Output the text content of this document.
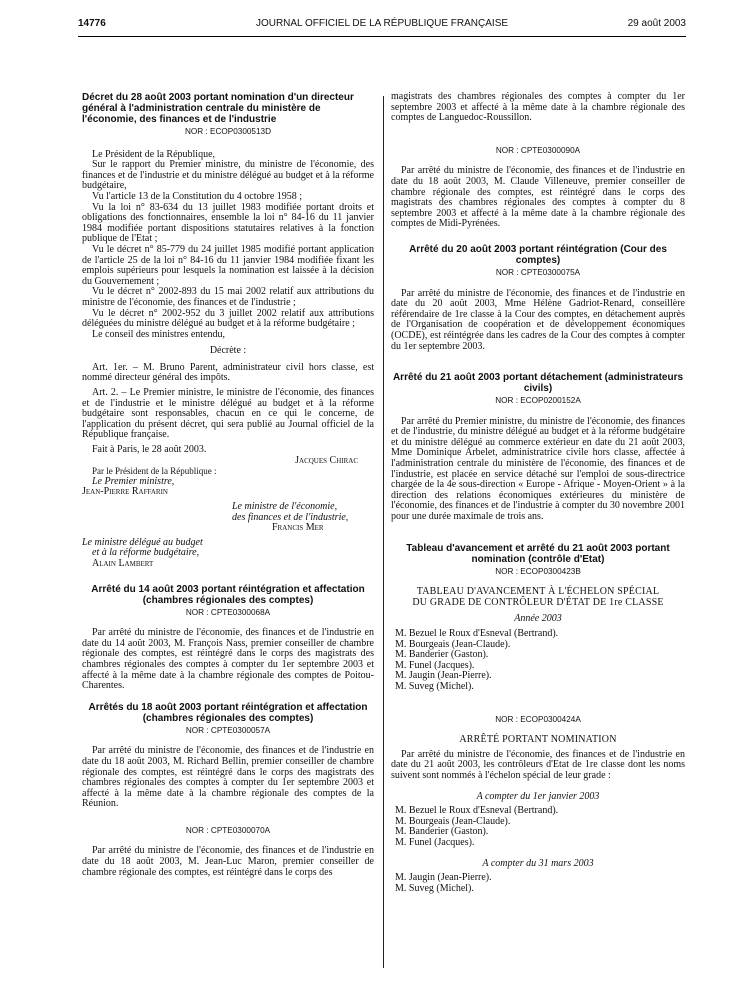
14776	JOURNAL OFFICIEL DE LA RÉPUBLIQUE FRANÇAISE	29 août 2003
Décret du 28 août 2003 portant nomination d'un directeur général à l'administration centrale du ministère de l'économie, des finances et de l'industrie
NOR : ECOP0300513D

Le Président de la République,

Sur le rapport du Premier ministre, du ministre de l'économie, des finances et de l'industrie et du ministre délégué au budget et à la réforme budgétaire,

Vu l'article 13 de la Constitution du 4 octobre 1958 ;

Vu la loi n° 83-634 du 13 juillet 1983 modifiée portant droits et obligations des fonctionnaires, ensemble la loi n° 84-16 du 11 janvier 1984 modifiée portant dispositions statutaires relatives à la fonction publique de l'Etat ;

Vu le décret n° 85-779 du 24 juillet 1985 modifié portant application de l'article 25 de la loi n° 84-16 du 11 janvier 1984 modifiée fixant les emplois supérieurs pour lesquels la nomination est laissée à la décision du Gouvernement ;

Vu le décret n° 2002-893 du 15 mai 2002 relatif aux attributions du ministre de l'économie, des finances et de l'industrie ;

Vu le décret n° 2002-952 du 3 juillet 2002 relatif aux attributions déléguées du ministre délégué au budget et à la réforme budgétaire ;

Le conseil des ministres entendu,

Décrète :

Art. 1er. – M. Bruno Parent, administrateur civil hors classe, est nommé directeur général des impôts.

Art. 2. – Le Premier ministre, le ministre de l'économie, des finances et de l'industrie et le ministre délégué au budget et à la réforme budgétaire sont responsables, chacun en ce qui le concerne, de l'application du présent décret, qui sera publié au Journal officiel de la République française.

Fait à Paris, le 28 août 2003.

Jacques Chirac

Par le Président de la République :

Le Premier ministre,

Jean-Pierre Raffarin

Le ministre de l'économie,
des finances et de l'industrie,
Francis Mer

Le ministre délégué au budget

et à la réforme budgétaire,

Alain Lambert

Arrêté du 14 août 2003 portant réintégration et affectation (chambres régionales des comptes)
NOR : CPTE0300068A

Par arrêté du ministre de l'économie, des finances et de l'industrie en date du 14 août 2003, M. François Nass, premier conseiller de chambre régionale des comptes, est réintégré dans le corps des magistrats des chambres régionales des comptes à compter du 1er septembre 2003 et affecté à la même date à la chambre régionale des comptes de Poitou-Charentes.

Arrêtés du 18 août 2003 portant réintégration et affectation (chambres régionales des comptes)
NOR : CPTE0300057A

Par arrêté du ministre de l'économie, des finances et de l'industrie en date du 18 août 2003, M. Richard Bellin, premier conseiller de chambre régionale des comptes, est réintégré dans le corps des magistrats des chambres régionales des comptes à compter du 1er septembre 2003 et affecté à la même date à la chambre régionale des comptes de la Réunion.

NOR : CPTE0300070A

Par arrêté du ministre de l'économie, des finances et de l'industrie en date du 18 août 2003, M. Jean-Luc Maron, premier conseiller de chambre régionale des comptes, est réintégré dans le corps des

magistrats des chambres régionales des comptes à compter du 1er septembre 2003 et affecté à la même date à la chambre régionale des comptes de Languedoc-Roussillon.

NOR : CPTE0300090A

Par arrêté du ministre de l'économie, des finances et de l'industrie en date du 18 août 2003, M. Claude Villeneuve, premier conseiller de chambre régionale des comptes, est réintégré dans le corps des magistrats des chambres régionales des comptes à compter du 8 septembre 2003 et affecté à la même date à la chambre régionale des comptes de Midi-Pyrénées.

Arrêté du 20 août 2003 portant réintégration (Cour des comptes)
NOR : CPTE0300075A

Par arrêté du ministre de l'économie, des finances et de l'industrie en date du 20 août 2003, Mme Hélène Gadriot-Renard, conseillère référendaire de 1re classe à la Cour des comptes, en détachement auprès de l'Organisation de coopération et de développement économiques (OCDE), est réintégrée dans les cadres de la Cour des comptes à compter du 1er septembre 2003.

Arrêté du 21 août 2003 portant détachement (administrateurs civils)
NOR : ECOP0200152A

Par arrêté du Premier ministre, du ministre de l'économie, des finances et de l'industrie, du ministre délégué au budget et à la réforme budgétaire et du ministre délégué au commerce extérieur en date du 21 août 2003, Mme Dominique Arbelet, administratrice civile hors classe, affectée à l'administration centrale du ministère de l'économie, des finances et de l'industrie, est placée en service détaché sur l'emploi de sous-directrice chargée de la 4e sous-direction « Europe - Afrique - Moyen-Orient » à la direction des relations économiques extérieures du ministère de l'économie, des finances et de l'industrie à compter du 30 novembre 2001 pour une durée maximale de trois ans.

Tableau d'avancement et arrêté du 21 août 2003 portant nomination (contrôle d'Etat)
NOR : ECOP0300423B

TABLEAU D'AVANCEMENT À L'ÉCHELON SPÉCIAL

DU GRADE DE CONTRÔLEUR D'ÉTAT DE 1re CLASSE

Année 2003

M. Bezuel le Roux d'Esneval (Bertrand).

M. Bourgeais (Jean-Claude).

M. Banderier (Gaston).

M. Funel (Jacques).

M. Jaugin (Jean-Pierre).

M. Suveg (Michel).

NOR : ECOP0300424A

ARRÊTÉ PORTANT NOMINATION

Par arrêté du ministre de l'économie, des finances et de l'industrie en date du 21 août 2003, les contrôleurs d'Etat de 1re classe dont les noms suivent sont nommés à l'échelon spécial de leur grade :

A compter du 1er janvier 2003

M. Bezuel le Roux d'Esneval (Bertrand).

M. Bourgeais (Jean-Claude).

M. Banderier (Gaston).

M. Funel (Jacques).

A compter du 31 mars 2003

M. Jaugin (Jean-Pierre).

M. Suveg (Michel).
